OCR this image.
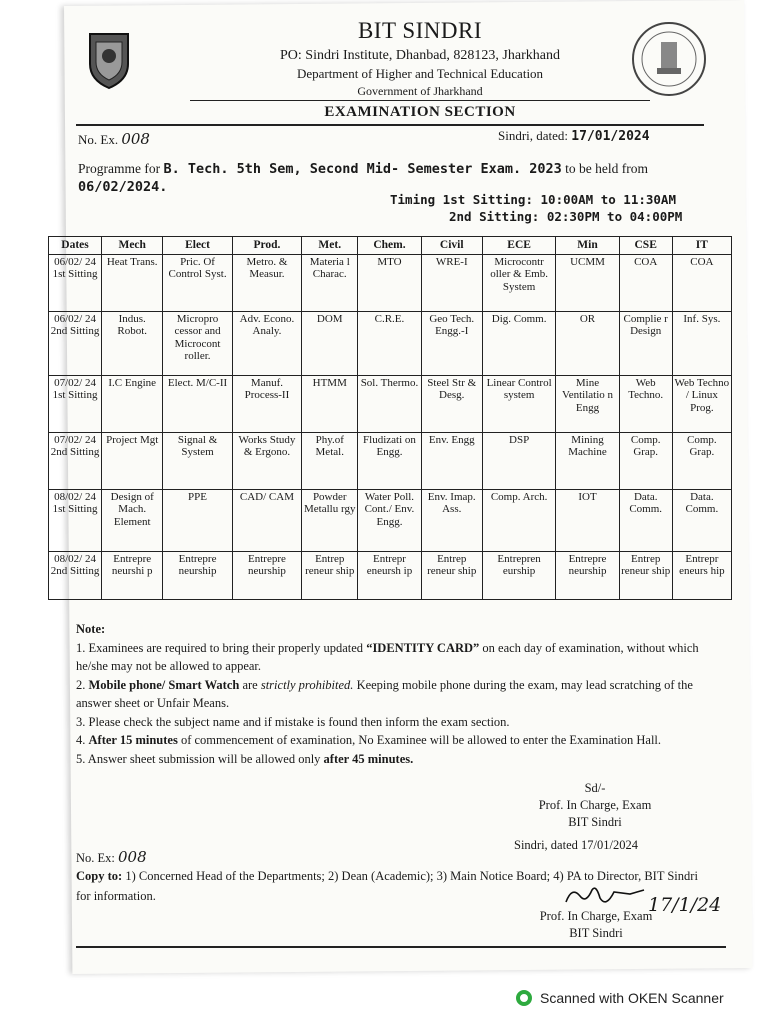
BIT SINDRI
PO: Sindri Institute, Dhanbad, 828123, Jharkhand
Department of Higher and Technical Education
Government of Jharkhand
EXAMINATION SECTION
No. Ex. 008	Sindri, dated: 17/01/2024
Programme for B. Tech. 5th Sem, Second Mid- Semester Exam. 2023 to be held from 06/02/2024.
Timing 1st Sitting: 10:00AM to 11:30AM
2nd Sitting: 02:30PM to 04:00PM
Dates	Mech	Elect	Prod.	Met.	Chem.	Civil	ECE	Min	CSE	IT
06/02/ 24 1st Sitting	Heat Trans.	Pric. Of Control Syst.	Metro. & Measur.	Materia l Charac.	MTO	WRE-I	Microcontr oller & Emb. System	UCMM	COA	COA
06/02/ 24 2nd Sitting	Indus. Robot.	Micropro cessor and Microcont roller.	Adv. Econo. Analy.	DOM	C.R.E.	Geo Tech. Engg.-I	Dig. Comm.	OR	Complie r Design	Inf. Sys.
07/02/ 24 1st Sitting	I.C Engine	Elect. M/C-II	Manuf. Process-II	HTMM	Sol. Thermo.	Steel Str & Desg.	Linear Control system	Mine Ventilatio n Engg	Web Techno.	Web Techno / Linux Prog.
07/02/ 24 2nd Sitting	Project Mgt	Signal & System	Works Study & Ergono.	Phy.of Metal.	Fludizati on Engg.	Env. Engg	DSP	Mining Machine	Comp. Grap.	Comp. Grap.
08/02/ 24 1st Sitting	Design of Mach. Element	PPE	CAD/ CAM	Powder Metallu rgy	Water Poll. Cont./ Env. Engg.	Env. Imap. Ass.	Comp. Arch.	IOT	Data. Comm.	Data. Comm.
08/02/ 24 2nd Sitting	Entrepre neurshi p	Entrepre neurship	Entrepre neurship	Entrep reneur ship	Entrepr eneursh ip	Entrep reneur ship	Entrepren eurship	Entrepre neurship	Entrep reneur ship	Entrepr eneurs hip

Note:

1. Examinees are required to bring their properly updated “IDENTITY CARD” on each day of examination, without which he/she may not be allowed to appear.

2. Mobile phone/ Smart Watch are strictly prohibited. Keeping mobile phone during the exam, may lead scratching of the answer sheet or Unfair Means.

3. Please check the subject name and if mistake is found then inform the exam section.

4. After 15 minutes of commencement of examination, No Examinee will be allowed to enter the Examination Hall.

5. Answer sheet submission will be allowed only after 45 minutes.

Sd/-
Prof. In Charge, Exam
BIT Sindri
Sindri, dated 17/01/2024
No. Ex: 008
Copy to: 1) Concerned Head of the Departments; 2) Dean (Academic); 3) Main Notice Board; 4) PA to Director, BIT Sindri for information.	17/1/24
Prof. In Charge, Exam
BIT Sindri
Scanned with OKEN Scanner
